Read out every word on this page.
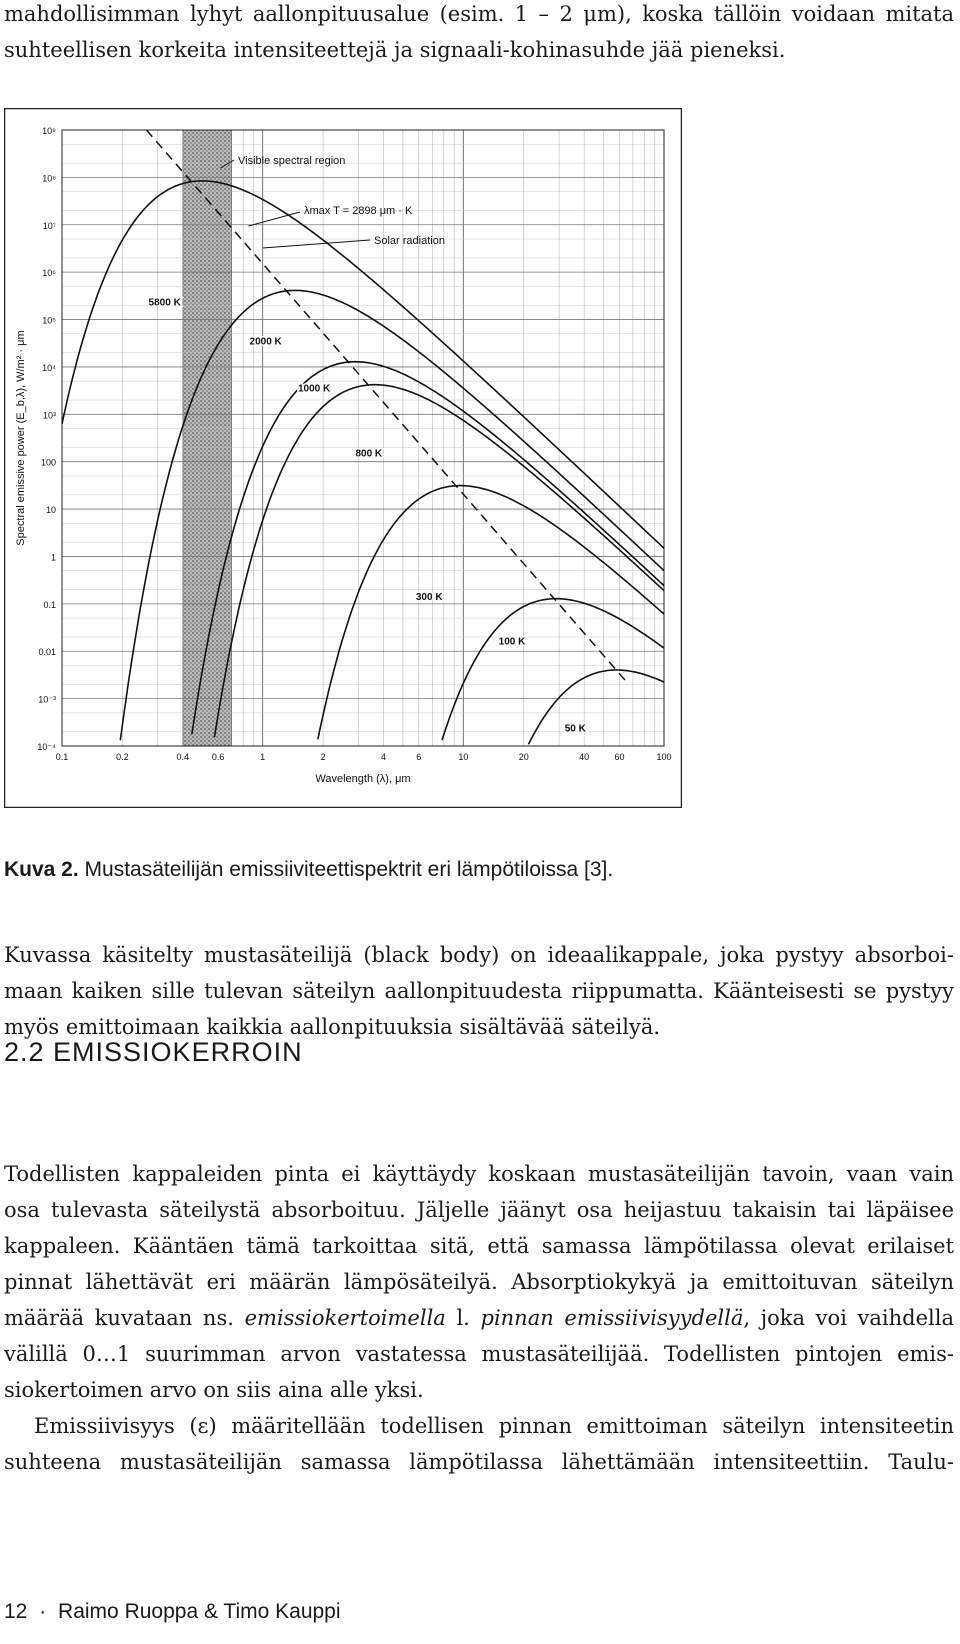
mahdollisimman lyhyt aallonpituusalue (esim. 1 – 2 μm), koska tällöin voidaan mitata
suhteellisen korkeita intensiteettejä ja signaali-kohinasuhde jää pieneksi.
0.1	0.2	0.4	0.6	1	2	4	6	10	20	40	60	100
10⁹
10⁸
10⁷
10⁶
10⁵
10⁴
10³
100
10
1
0.1
0.01
10⁻³
10⁻⁴
Wavelength (λ), μm
Spectral emissive power (E_b,λ), W/m² · μm
5800 K
2000 K
1000 K
800 K
300 K
100 K
50 K
Visible spectral region
λmax T = 2898 μm · K
Solar radiation

Kuva 2. Mustasäteilijän emissiiviteettispektrit eri lämpötiloissa [3].

Kuvassa käsitelty mustasäteilijä (black body) on ideaalikappale, joka pystyy absorboi-
maan kaiken sille tulevan säteilyn aallonpituudesta riippumatta. Käänteisesti se pystyy
myös emittoimaan kaikkia aallonpituuksia sisältävää säteilyä.
2.2 EMISSIOKERROIN
Todellisten kappaleiden pinta ei käyttäydy koskaan mustasäteilijän tavoin, vaan vain
osa tulevasta säteilystä absorboituu. Jäljelle jäänyt osa heijastuu takaisin tai läpäisee
kappaleen. Kääntäen tämä tarkoittaa sitä, että samassa lämpötilassa olevat erilaiset
pinnat lähettävät eri määrän lämpösäteilyä. Absorptiokykyä ja emittoituvan säteilyn
määrää kuvataan ns. emissiokertoimella l. pinnan emissiivisyydellä, joka voi vaihdella
välillä 0…1 suurimman arvon vastatessa mustasäteilijää. Todellisten pintojen emis-
siokertoimen arvo on siis aina alle yksi.
Emissiivisyys (ε) määritellään todellisen pinnan emittoiman säteilyn intensiteetin
suhteena mustasäteilijän samassa lämpötilassa lähettämään intensiteettiin. Taulu-

12 · Raimo Ruoppa & Timo Kauppi
